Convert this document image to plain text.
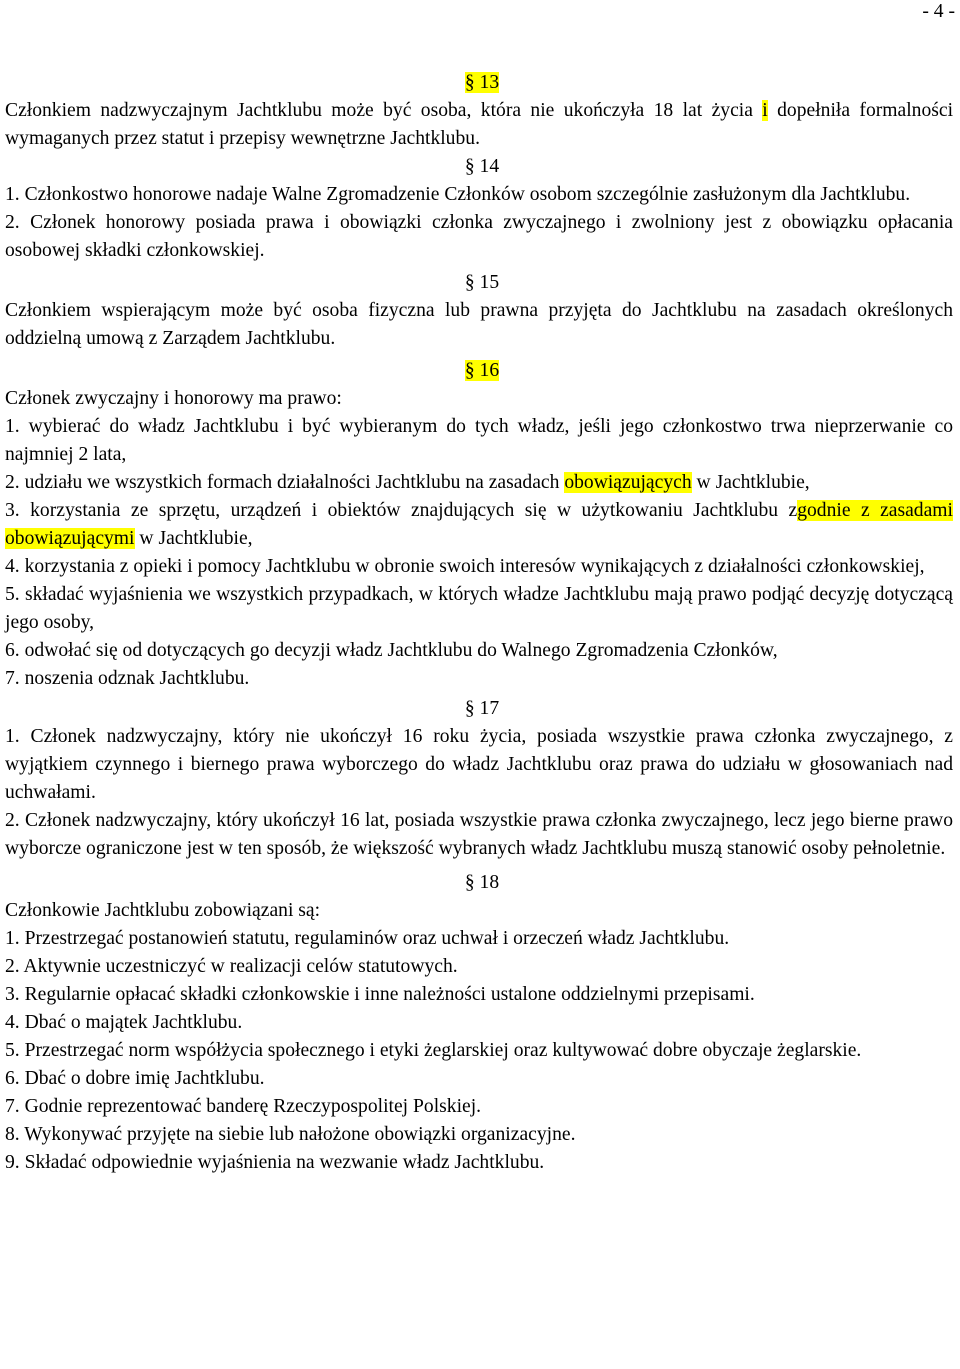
- 4 -
§ 13
Członkiem nadzwyczajnym Jachtklubu może być osoba, która nie ukończyła 18 lat życia i dopełniła formalności wymaganych przez statut i przepisy wewnętrzne Jachtklubu.
§ 14
1. Członkostwo honorowe nadaje Walne Zgromadzenie Członków osobom szczególnie zasłużonym dla Jachtklubu.
2. Członek honorowy posiada prawa i obowiązki członka zwyczajnego i zwolniony jest z obowiązku opłacania osobowej składki członkowskiej.
§ 15
Członkiem wspierającym może być osoba fizyczna lub prawna przyjęta do Jachtklubu na zasadach określonych oddzielną umową z Zarządem Jachtklubu.
§ 16
Członek zwyczajny i honorowy ma prawo:
1. wybierać do władz Jachtklubu i być wybieranym do tych władz, jeśli jego członkostwo trwa nieprzerwanie co najmniej 2 lata,
2. udziału we wszystkich formach działalności Jachtklubu na zasadach obowiązujących w Jachtklubie,
3. korzystania ze sprzętu, urządzeń i obiektów znajdujących się w użytkowaniu Jachtklubu zgodnie z zasadami obowiązującymi w Jachtklubie,
4. korzystania z opieki i pomocy Jachtklubu w obronie swoich interesów wynikających z działalności członkowskiej,
5. składać wyjaśnienia we wszystkich przypadkach, w których władze Jachtklubu mają prawo podjąć decyzję dotyczącą jego osoby,
6. odwołać się od dotyczących go decyzji władz Jachtklubu do Walnego Zgromadzenia Członków,
7. noszenia odznak Jachtklubu.
§ 17
1. Członek nadzwyczajny, który nie ukończył 16 roku życia, posiada wszystkie prawa członka zwyczajnego, z wyjątkiem czynnego i biernego prawa wyborczego do władz Jachtklubu oraz prawa do udziału w głosowaniach nad uchwałami.
2. Członek nadzwyczajny, który ukończył 16 lat, posiada wszystkie prawa członka zwyczajnego, lecz jego bierne prawo wyborcze ograniczone jest w ten sposób, że większość wybranych władz Jachtklubu muszą stanowić osoby pełnoletnie.
§ 18
Członkowie Jachtklubu zobowiązani są:
1. Przestrzegać postanowień statutu, regulaminów oraz uchwał i orzeczeń władz Jachtklubu.
2. Aktywnie uczestniczyć w realizacji celów statutowych.
3. Regularnie opłacać składki członkowskie i inne należności ustalone oddzielnymi przepisami.
4. Dbać o majątek Jachtklubu.
5. Przestrzegać norm współżycia społecznego i etyki żeglarskiej oraz kultywować dobre obyczaje żeglarskie.
6. Dbać o dobre imię Jachtklubu.
7. Godnie reprezentować banderę Rzeczypospolitej Polskiej.
8. Wykonywać przyjęte na siebie lub nałożone obowiązki organizacyjne.
9. Składać odpowiednie wyjaśnienia na wezwanie władz Jachtklubu.
